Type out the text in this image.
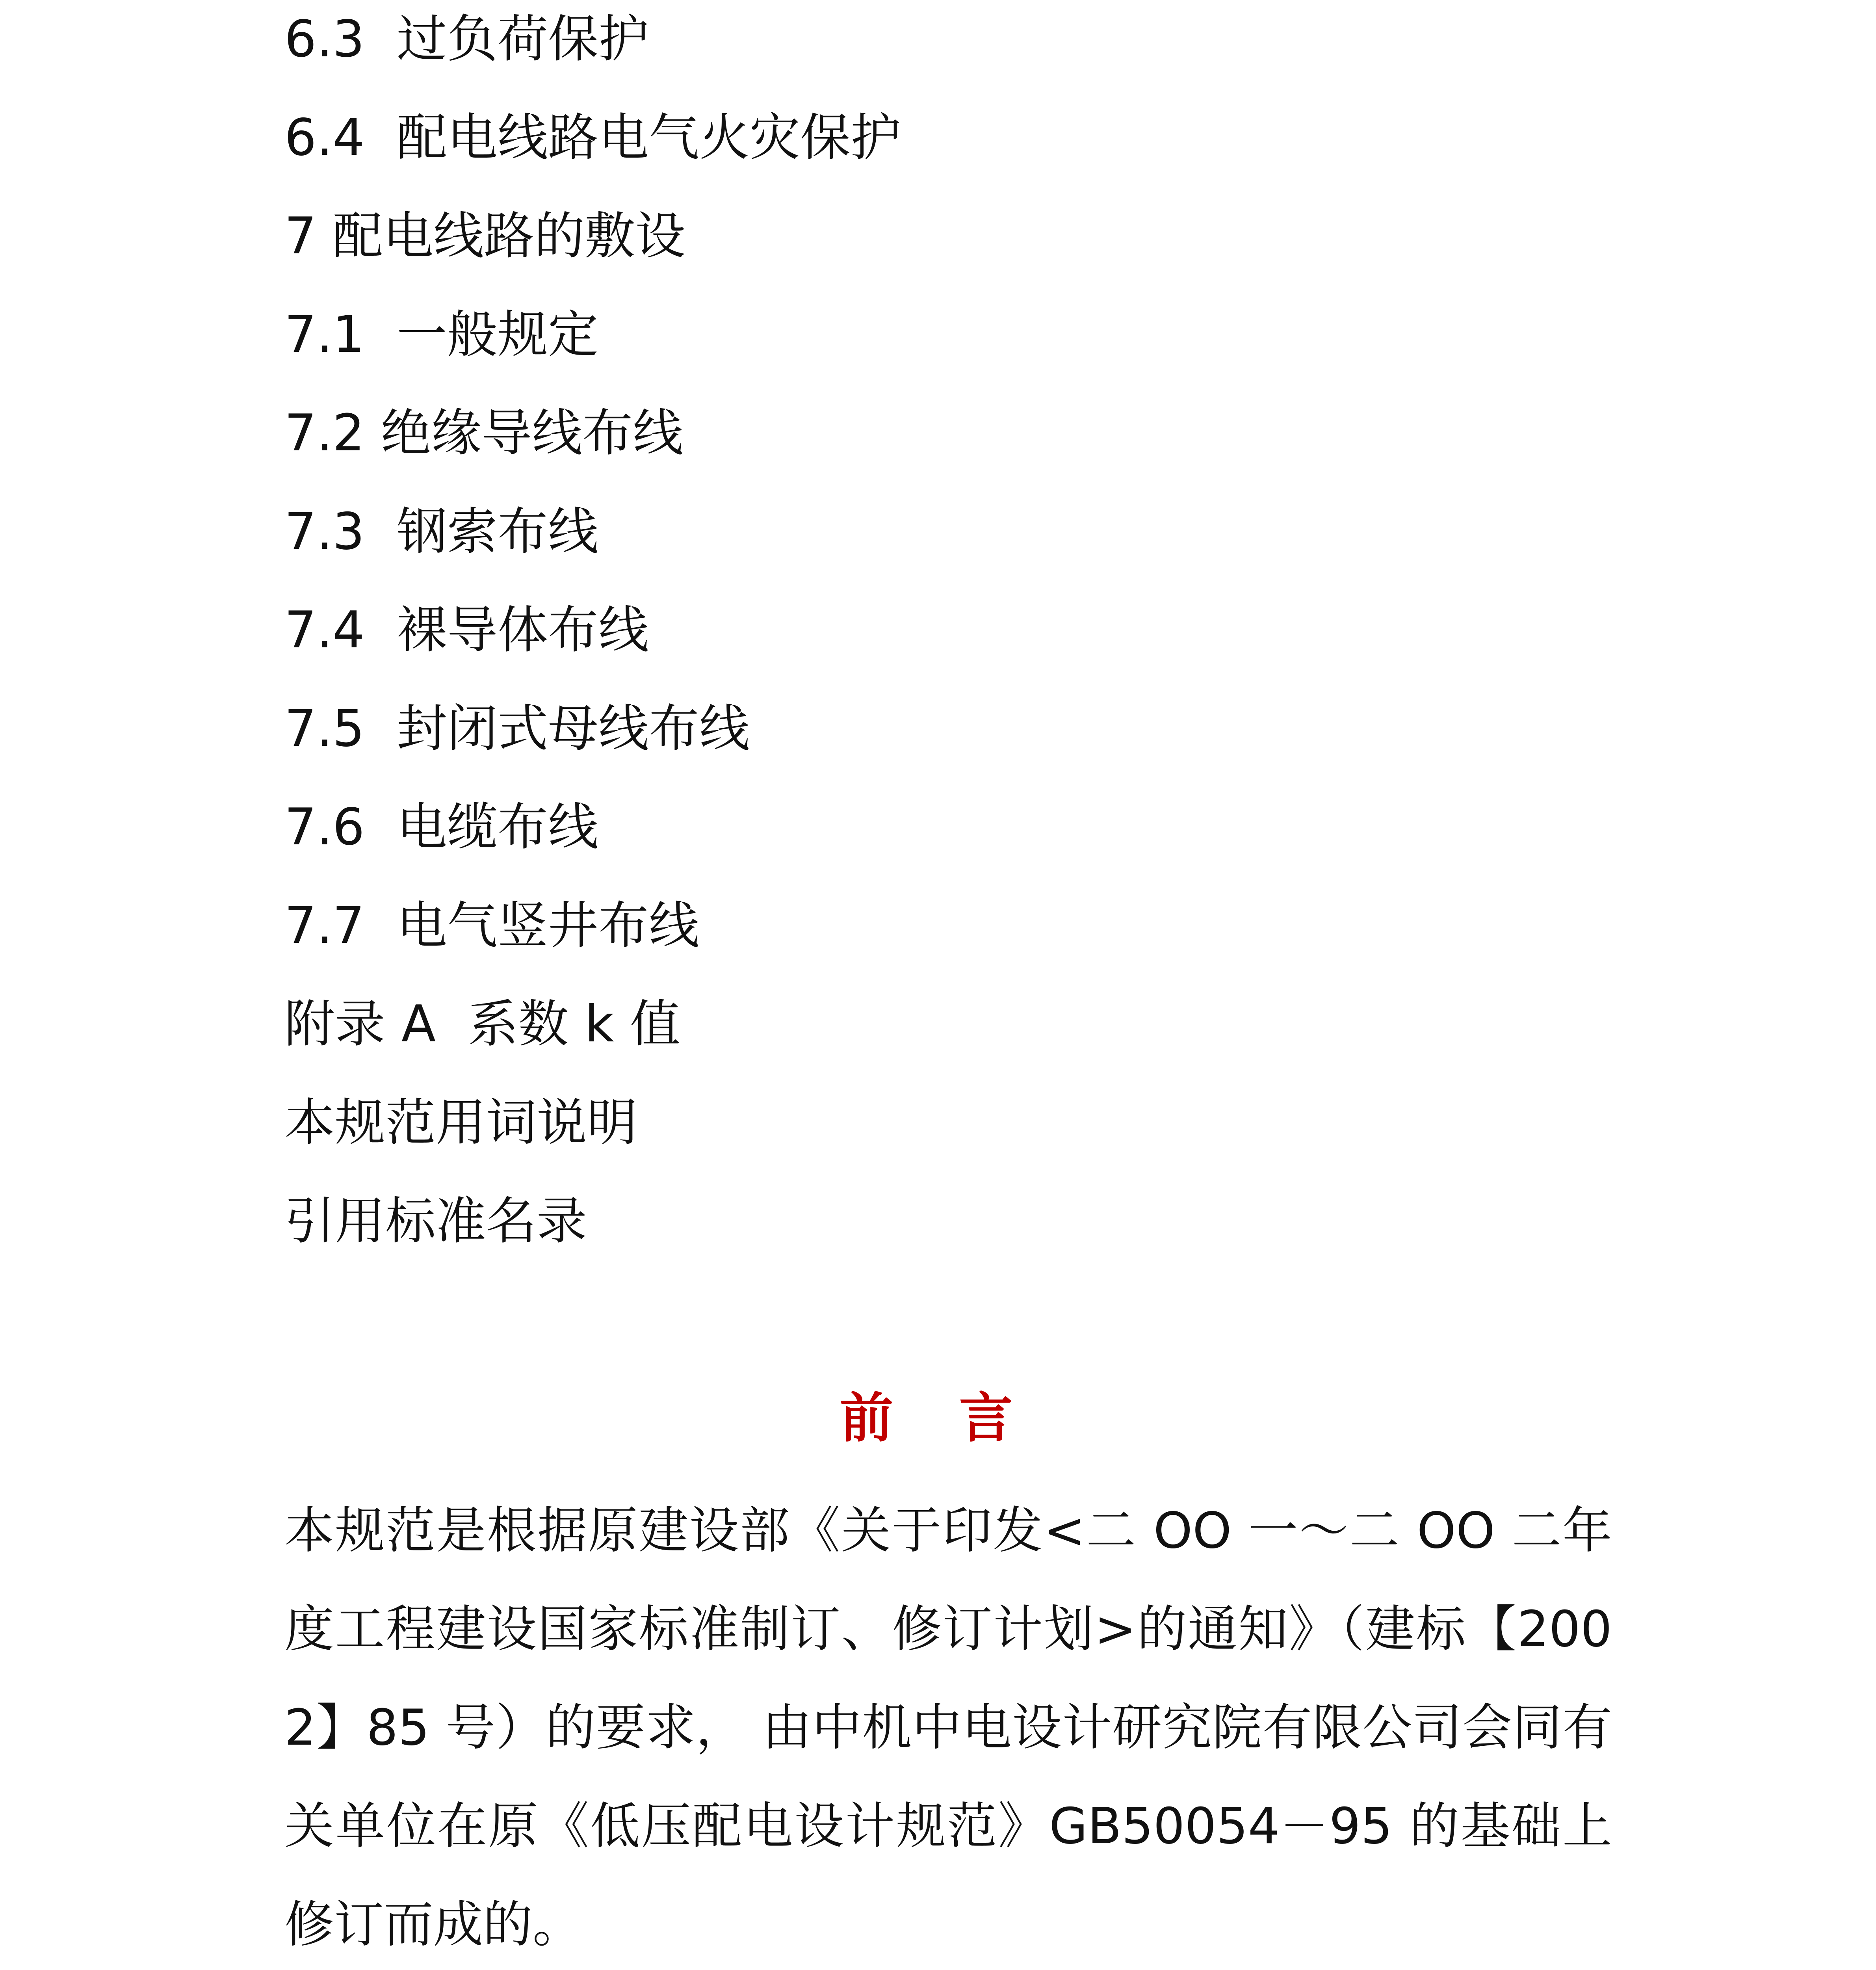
6.3  过负荷保护
6.4  配电线路电气火灾保护
7 配电线路的敷设
7.1  一般规定
7.2 绝缘导线布线
7.3  钢索布线
7.4  裸导体布线
7.5  封闭式母线布线
7.6  电缆布线
7.7  电气竖井布线
附录 A  系数 k 值
本规范用词说明
引用标准名录
前 言

本规范是根据原建设部《关于印发<二 OO 一～二 OO 二年度工程建设国家标准制订、修订计划>的通知》（建标【2002】85 号）的要求， 由中机中电设计研究院有限公司会同有关单位在原《低压配电设计规范》GB50054－95 的基础上修订而成的。
